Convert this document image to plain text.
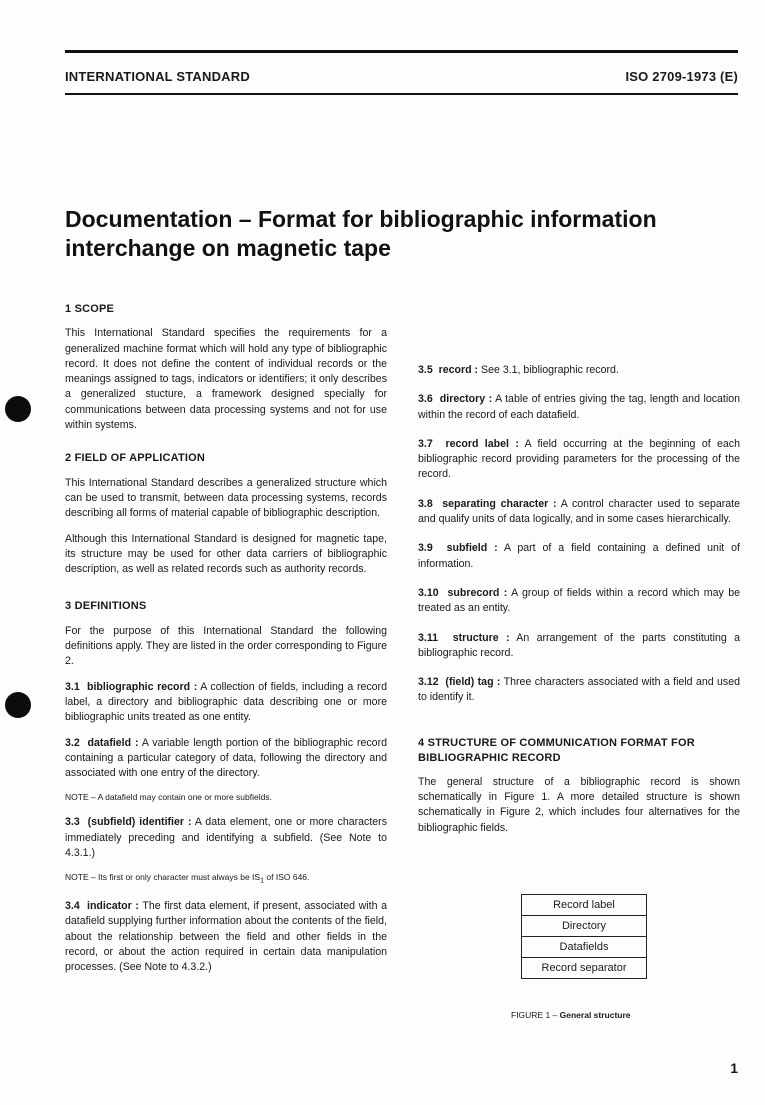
INTERNATIONAL STANDARD	ISO 2709-1973 (E)
Documentation – Format for bibliographic information
interchange on magnetic tape
1 SCOPE

This International Standard specifies the requirements for a generalized machine format which will hold any type of bibliographic record. It does not define the content of individual records or the meanings assigned to tags, indicators or identifiers; it only describes a generalized stucture, a framework designed specially for communications between data processing systems and not for use within systems.

2 FIELD OF APPLICATION

This International Standard describes a generalized structure which can be used to transmit, between data processing systems, records describing all forms of material capable of bibliographic description.

Although this International Standard is designed for magnetic tape, its structure may be used for other data carriers of bibliographic description, as well as related records such as authority records.

3 DEFINITIONS

For the purpose of this International Standard the following definitions apply. They are listed in the order corresponding to Figure 2.

3.1 bibliographic record : A collection of fields, including a record label, a directory and bibliographic data describing one or more bibliographic units treated as one entity.

3.2 datafield : A variable length portion of the bibliographic record containing a particular category of data, following the directory and associated with one entry of the directory.

NOTE – A datafield may contain one or more subfields.

3.3 (subfield) identifier : A data element, one or more characters immediately preceding and identifying a subfield. (See Note to 4.3.1.)

NOTE – Its first or only character must always be $IS_1$ of ISO 646.

3.4 indicator : The first data element, if present, associated with a datafield supplying further information about the contents of the field, about the relationship between the field and other fields in the record, or about the action required in certain data manipulation processes. (See Note to 4.3.2.)

3.5 record : See 3.1, bibliographic record.

3.6 directory : A table of entries giving the tag, length and location within the record of each datafield.

3.7 record label : A field occurring at the beginning of each bibliographic record providing parameters for the processing of the record.

3.8 separating character : A control character used to separate and qualify units of data logically, and in some cases hierarchically.

3.9 subfield : A part of a field containing a defined unit of information.

3.10 subrecord : A group of fields within a record which may be treated as an entity.

3.11 structure : An arrangement of the parts constituting a bibliographic record.

3.12 (field) tag : Three characters associated with a field and used to identify it.

4 STRUCTURE OF COMMUNICATION FORMAT FOR BIBLIOGRAPHIC RECORD

The general structure of a bibliographic record is shown schematically in Figure 1. A more detailed structure is shown schematically in Figure 2, which includes four alternatives for the bibliographic fields.

Record label
Directory
Datafields
Record separator
FIGURE 1 – General structure
1
